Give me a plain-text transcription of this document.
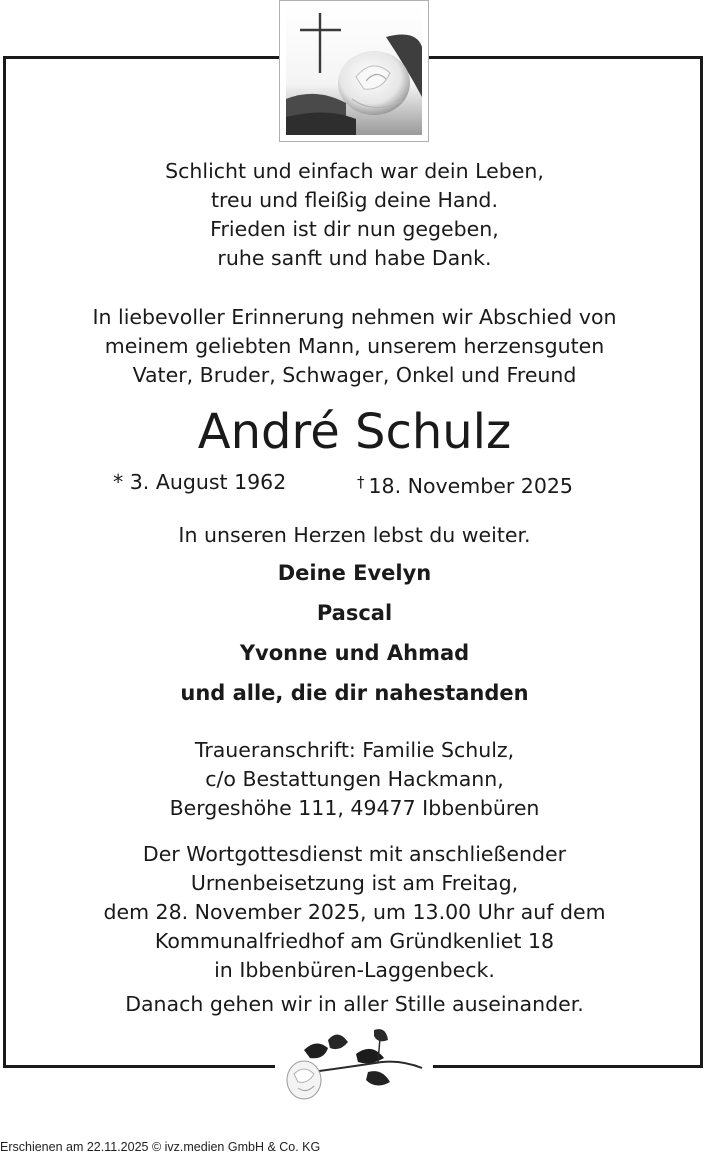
Schlicht und einfach war dein Leben,
treu und fleißig deine Hand.
Frieden ist dir nun gegeben,
ruhe sanft und habe Dank.
In liebevoller Erinnerung nehmen wir Abschied von
meinem geliebten Mann, unserem herzensguten
Vater, Bruder, Schwager, Onkel und Freund
André Schulz
* 3. August 1962	† 18. November 2025
In unseren Herzen lebst du weiter.
Deine Evelyn
Pascal
Yvonne und Ahmad
und alle, die dir nahestanden
Traueranschrift: Familie Schulz,
c/o Bestattungen Hackmann,
Bergeshöhe 111, 49477 Ibbenbüren
Der Wortgottesdienst mit anschließender
Urnenbeisetzung ist am Freitag,
dem 28. November 2025, um 13.00 Uhr auf dem
Kommunalfriedhof am Gründkenliet 18
in Ibbenbüren-Laggenbeck.
Danach gehen wir in aller Stille auseinander.
Erschienen am 22.11.2025 © ivz.medien GmbH & Co. KG
